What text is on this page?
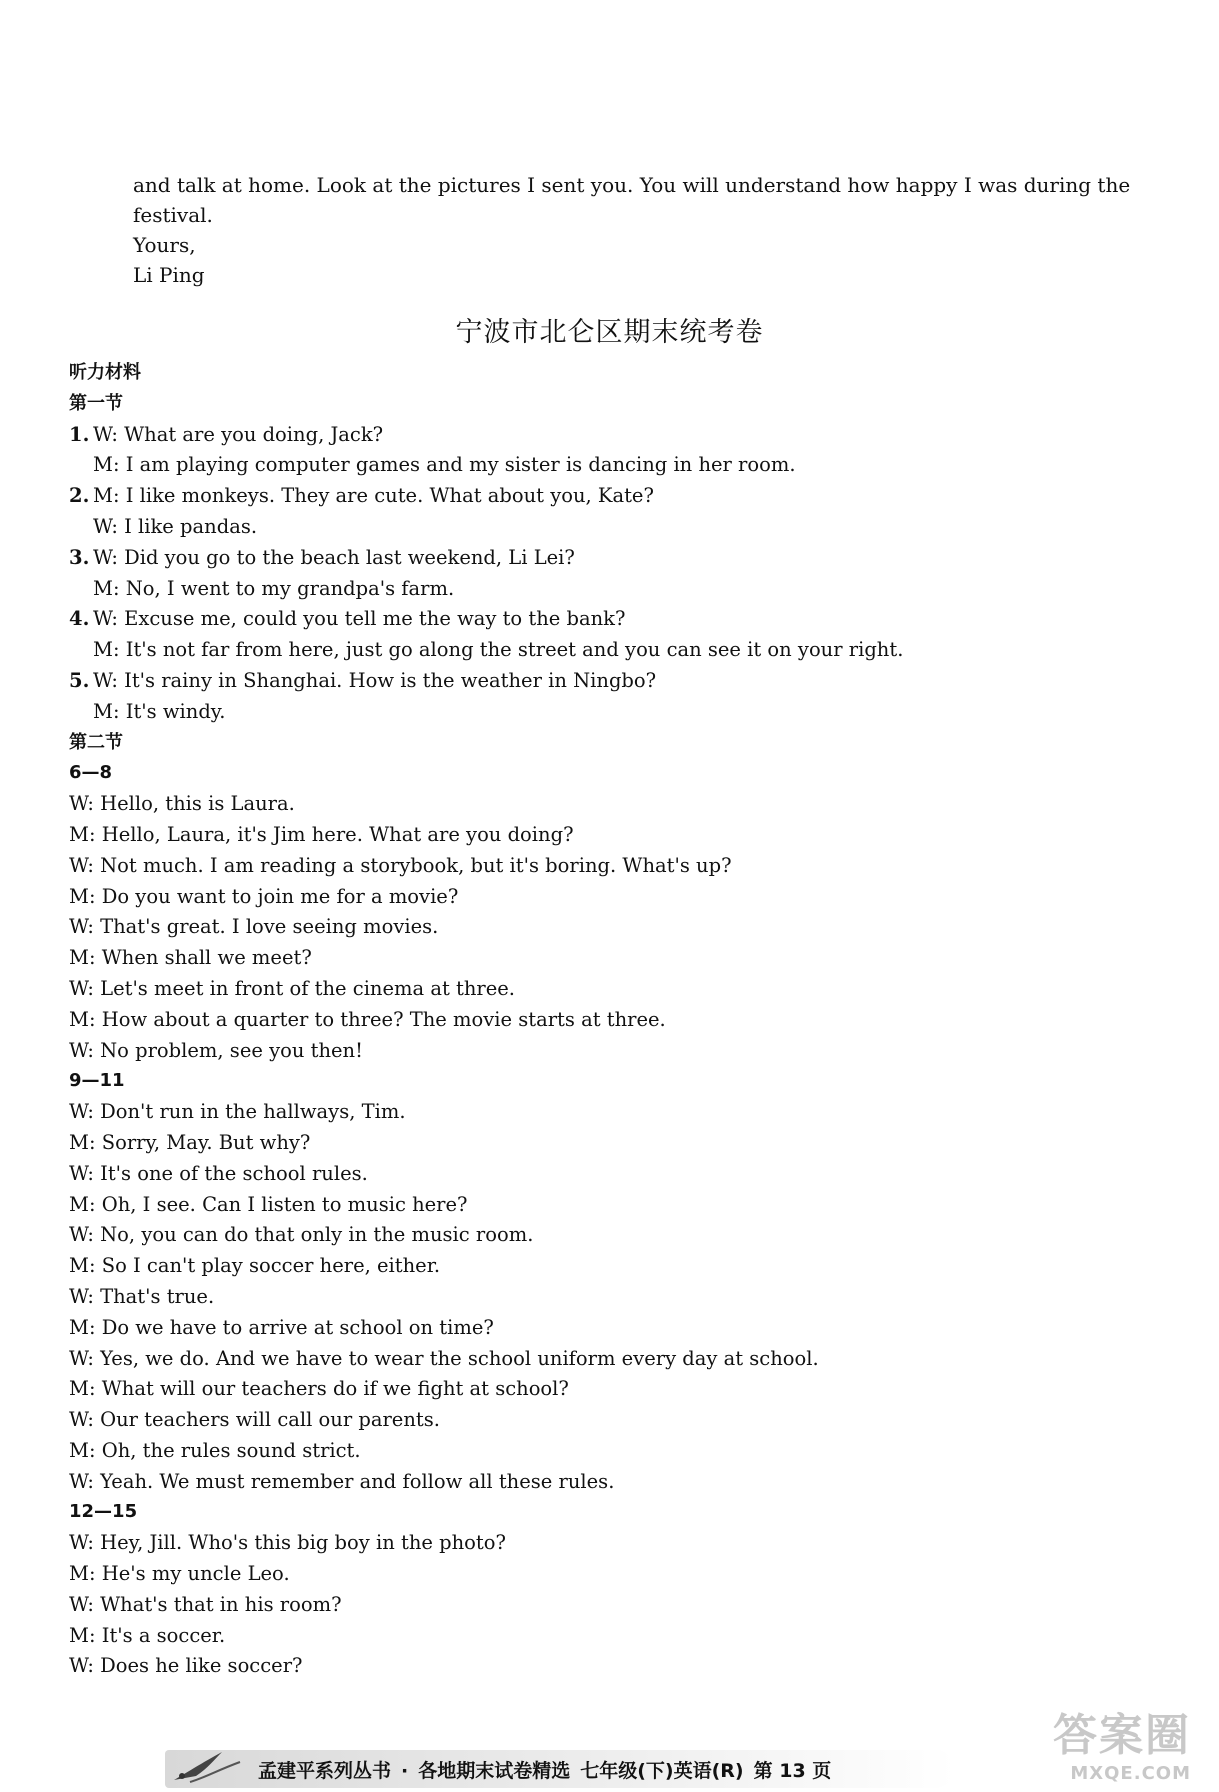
and talk at home. Look at the pictures I sent you. You will understand how happy I was during the
festival.
Yours,
Li Ping
宁波市北仑区期末统考卷
听力材料
第一节
1. W: What are you doing, Jack?
M: I am playing computer games and my sister is dancing in her room.
2. M: I like monkeys. They are cute. What about you, Kate?
W: I like pandas.
3. W: Did you go to the beach last weekend, Li Lei?
M: No, I went to my grandpa's farm.
4. W: Excuse me, could you tell me the way to the bank?
M: It's not far from here, just go along the street and you can see it on your right.
5. W: It's rainy in Shanghai. How is the weather in Ningbo?
M: It's windy.
第二节
6—8
W: Hello, this is Laura.
M: Hello, Laura, it's Jim here. What are you doing?
W: Not much. I am reading a storybook, but it's boring. What's up?
M: Do you want to join me for a movie?
W: That's great. I love seeing movies.
M: When shall we meet?
W: Let's meet in front of the cinema at three.
M: How about a quarter to three? The movie starts at three.
W: No problem, see you then!
9—11
W: Don't run in the hallways, Tim.
M: Sorry, May. But why?
W: It's one of the school rules.
M: Oh, I see. Can I listen to music here?
W: No, you can do that only in the music room.
M: So I can't play soccer here, either.
W: That's true.
M: Do we have to arrive at school on time?
W: Yes, we do. And we have to wear the school uniform every day at school.
M: What will our teachers do if we fight at school?
W: Our teachers will call our parents.
M: Oh, the rules sound strict.
W: Yeah. We must remember and follow all these rules.
12—15
W: Hey, Jill. Who's this big boy in the photo?
M: He's my uncle Leo.
W: What's that in his room?
M: It's a soccer.
W: Does he like soccer?
孟建平系列丛书 · 各地期末试卷精选 七年级(下)英语(R) 第 13 页
答案圈
MXQE.COM
